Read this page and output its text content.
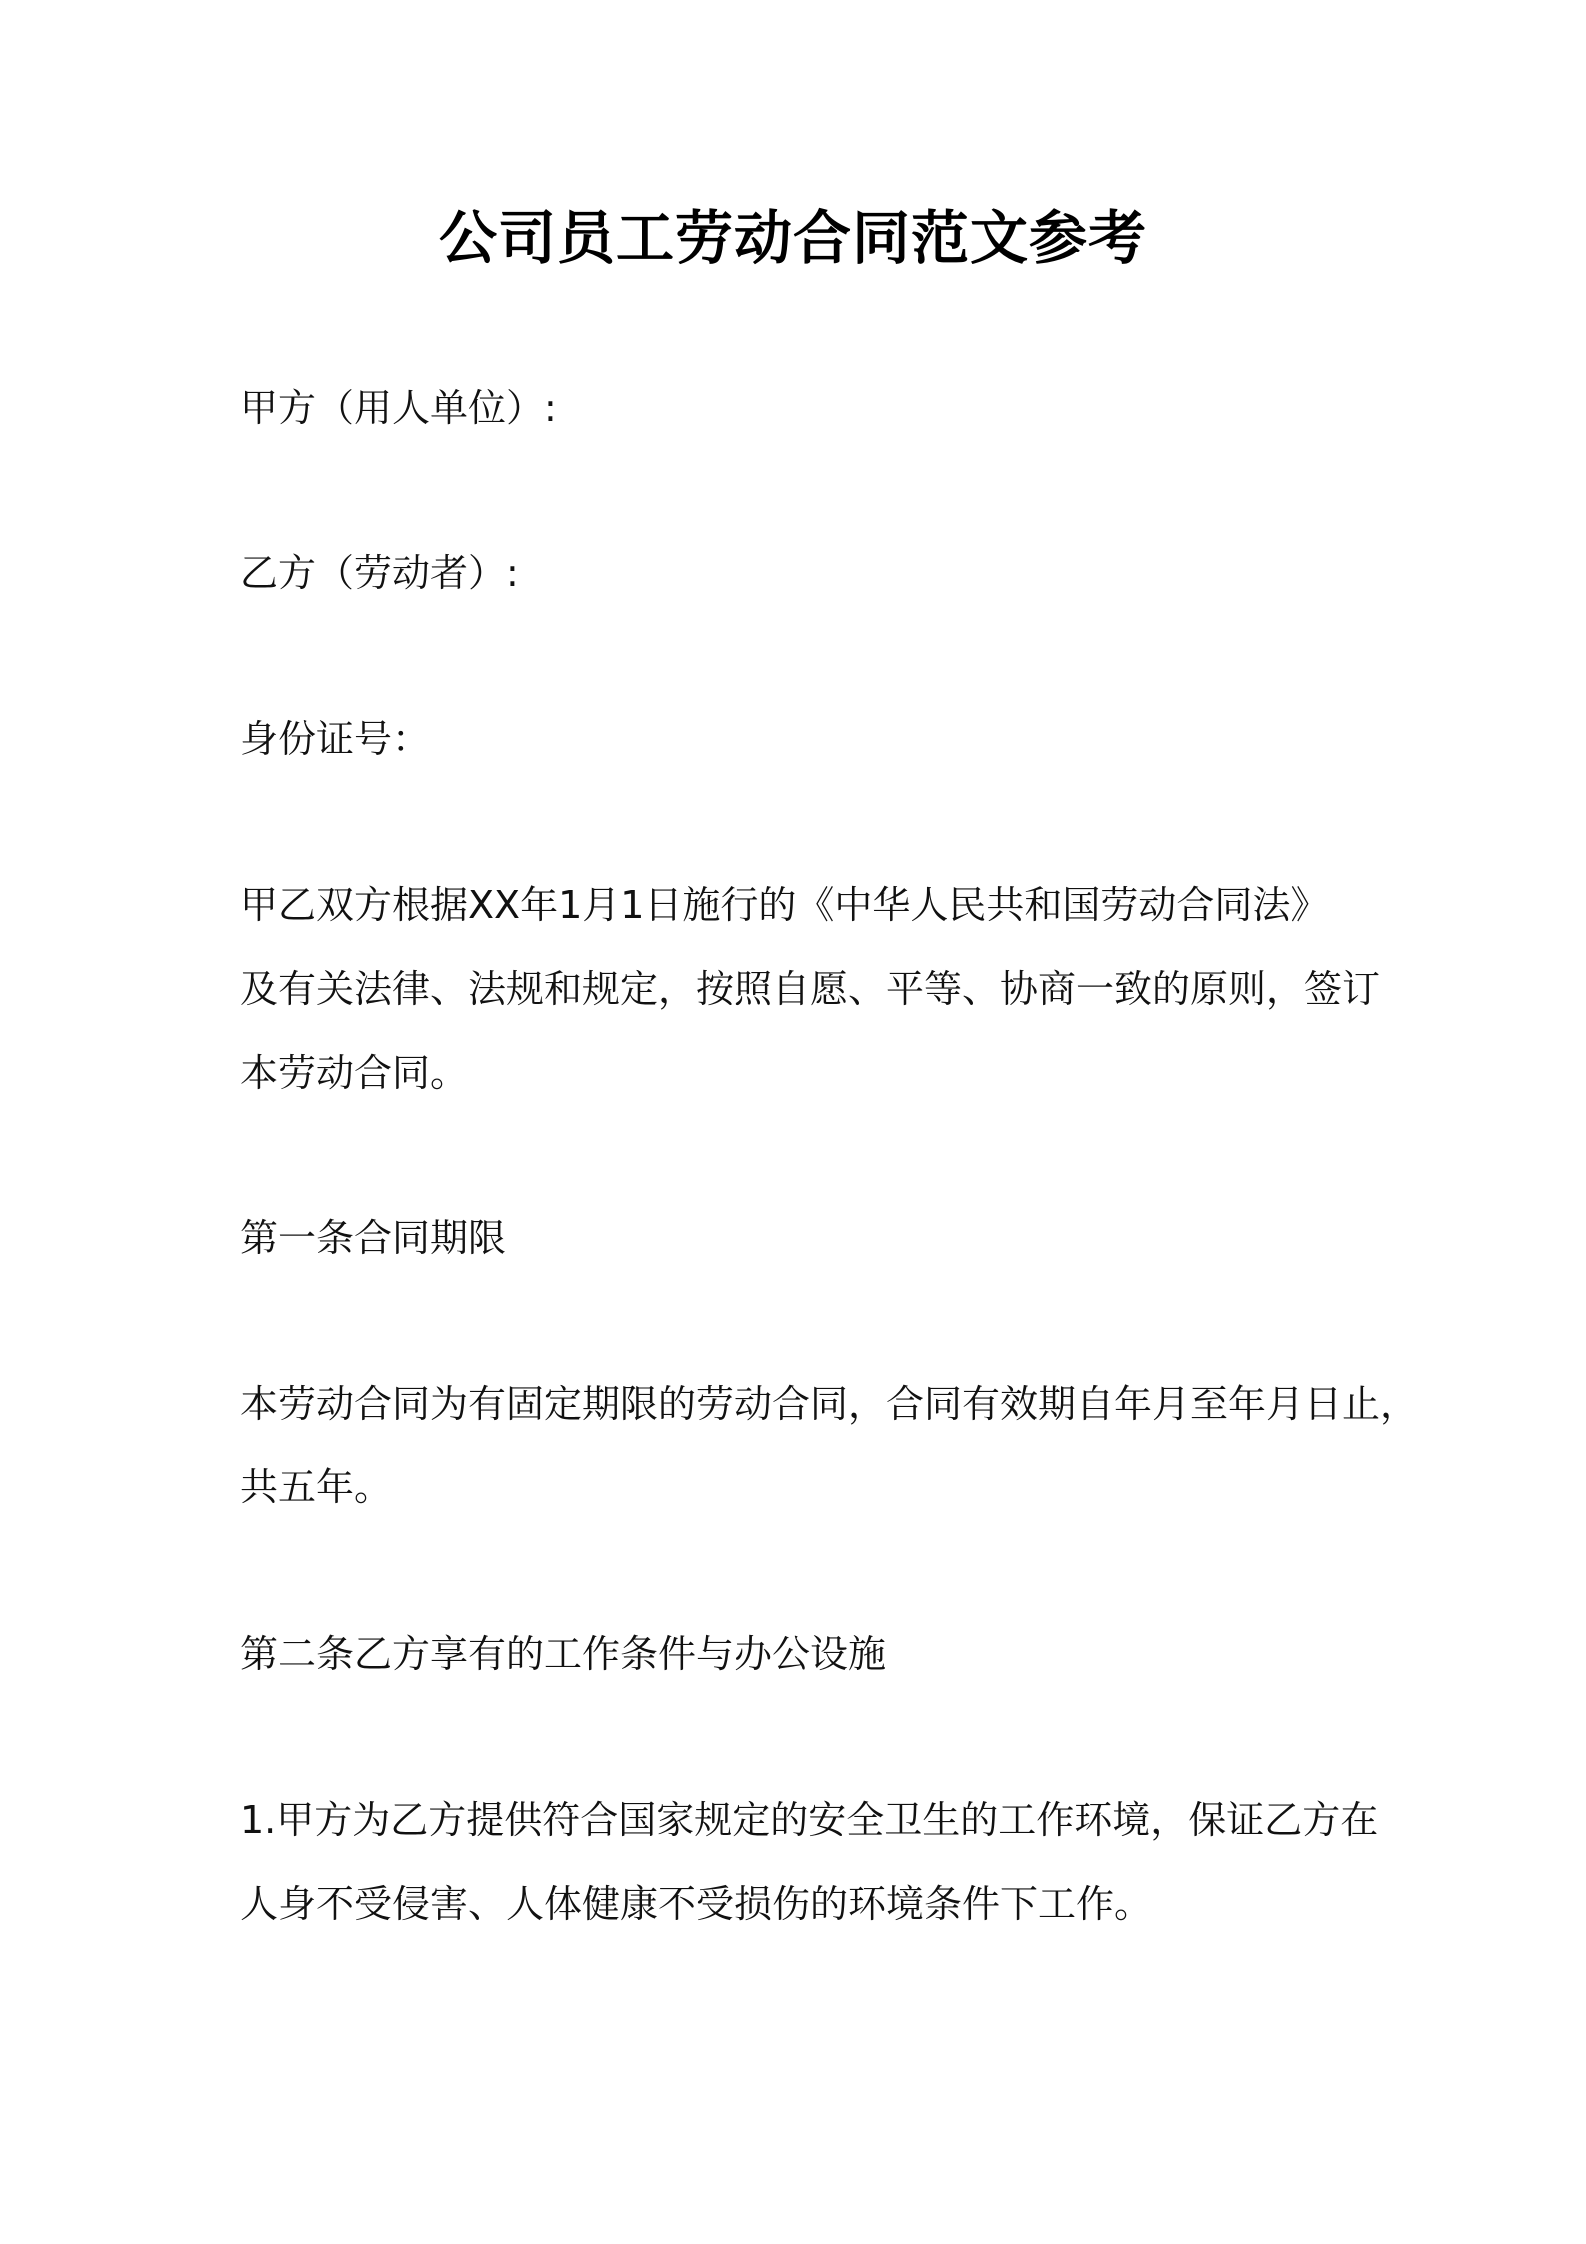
公司员工劳动合同范文参考
甲方（用人单位）:
乙方（劳动者）:
身份证号：
甲乙双方根据XX年1月1日施行的《中华人民共和国劳动合同法》
及有关法律、法规和规定，按照自愿、平等、协商一致的原则，签订
本劳动合同。
第一条合同期限
本劳动合同为有固定期限的劳动合同，合同有效期自年月至年月日止，
共五年。
第二条乙方享有的工作条件与办公设施
1.甲方为乙方提供符合国家规定的安全卫生的工作环境，保证乙方在
人身不受侵害、人体健康不受损伤的环境条件下工作。
